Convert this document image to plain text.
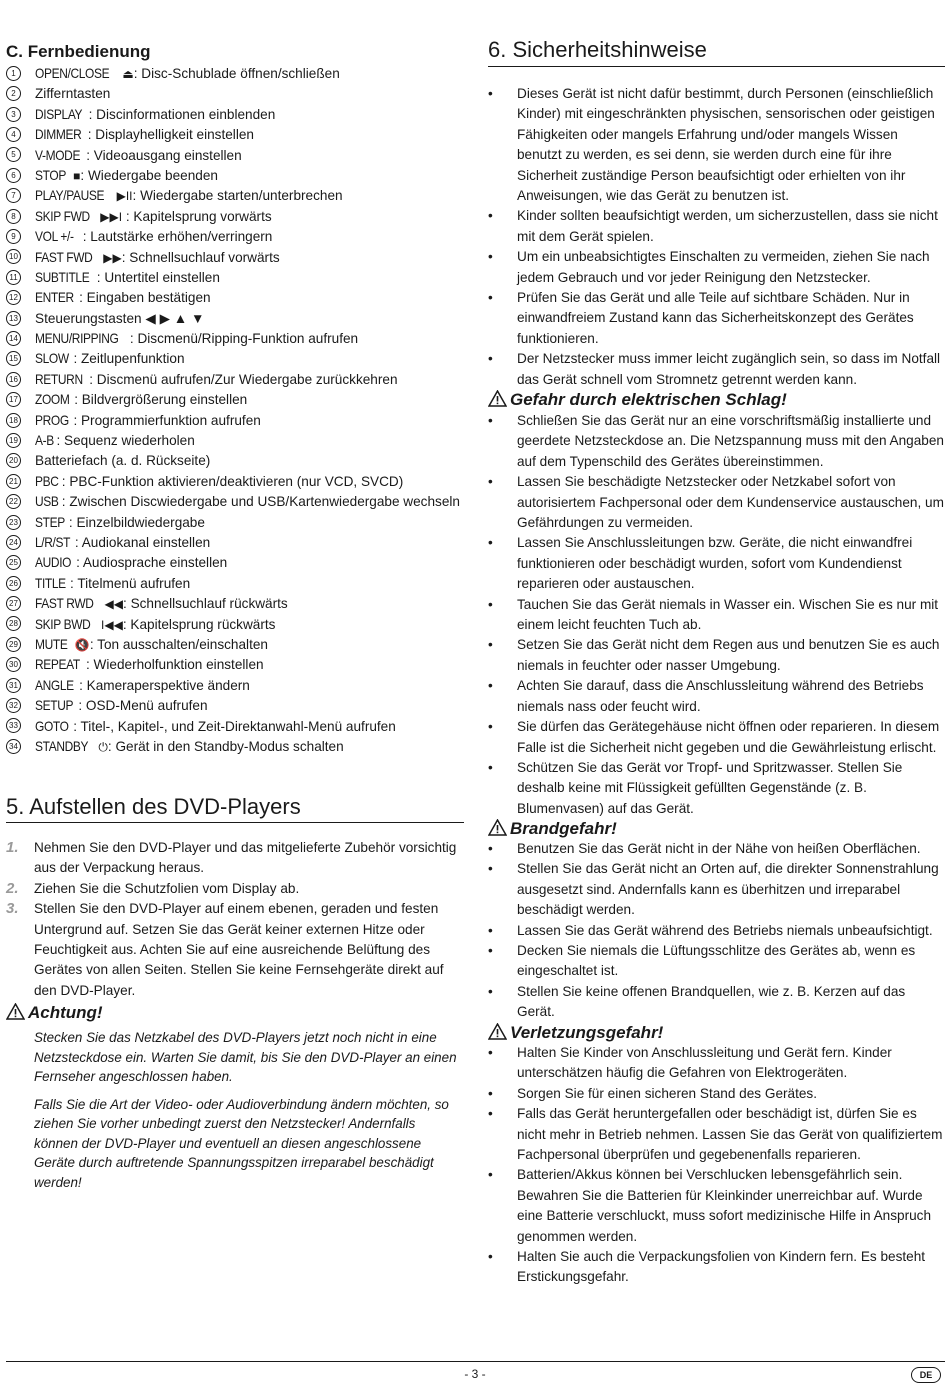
C. Fernbedienung
1 OPEN/CLOSE ⏏: Disc-Schublade öffnen/schließen
2 Zifferntasten
3 DISPLAY : Discinformationen einblenden
4 DIMMER : Displayhelligkeit einstellen
5 V-MODE : Videoausgang einstellen
6 STOP ■: Wiedergabe beenden
7 PLAY/PAUSE ▶II: Wiedergabe starten/unterbrechen
8 SKIP FWD ▶▶I : Kapitelsprung vorwärts
9 VOL +/- : Lautstärke erhöhen/verringern
10 FAST FWD ▶▶: Schnellsuchlauf vorwärts
11 SUBTITLE : Untertitel einstellen
12 ENTER : Eingaben bestätigen
13 Steuerungstasten ◀ ▶ ▲ ▼
14 MENU/RIPPING : Discmenü/Ripping-Funktion aufrufen
15 SLOW : Zeitlupenfunktion
16 RETURN : Discmenü aufrufen/Zur Wiedergabe zurückkehren
17 ZOOM : Bildvergrößerung einstellen
18 PROG : Programmierfunktion aufrufen
19 A-B : Sequenz wiederholen
20 Batteriefach (a. d. Rückseite)
21 PBC : PBC-Funktion aktivieren/deaktivieren (nur VCD, SVCD)
22 USB : Zwischen Discwiedergabe und USB/Kartenwiedergabe wechseln
23 STEP : Einzelbildwiedergabe
24 L/R/ST : Audiokanal einstellen
25 AUDIO : Audiosprache einstellen
26 TITLE : Titelmenü aufrufen
27 FAST RWD ◀◀: Schnellsuchlauf rückwärts
28 SKIP BWD I◀◀: Kapitelsprung rückwärts
29 MUTE 🔇: Ton ausschalten/einschalten
30 REPEAT : Wiederholfunktion einstellen
31 ANGLE : Kameraperspektive ändern
32 SETUP : OSD-Menü aufrufen
33 GOTO : Titel-, Kapitel-, und Zeit-Direktanwahl-Menü aufrufen
34 STANDBY ⏻: Gerät in den Standby-Modus schalten
5. Aufstellen des DVD-Players
1. Nehmen Sie den DVD-Player und das mitgelieferte Zubehör vorsichtig aus der Verpackung heraus.
2. Ziehen Sie die Schutzfolien vom Display ab.
3. Stellen Sie den DVD-Player auf einem ebenen, geraden und festen Untergrund auf. Setzen Sie das Gerät keiner externen Hitze oder Feuchtigkeit aus. Achten Sie auf eine ausreichende Belüftung des Gerätes von allen Seiten. Stellen Sie keine Fernsehgeräte direkt auf den DVD-Player.
Achtung!

Stecken Sie das Netzkabel des DVD-Players jetzt noch nicht in eine Netzsteckdose ein. Warten Sie damit, bis Sie den DVD-Player an einen Fernseher angeschlossen haben.

Falls Sie die Art der Video- oder Audioverbindung ändern möchten, so ziehen Sie vorher unbedingt zuerst den Netzstecker! Andernfalls können der DVD-Player und eventuell an diesen angeschlossene Geräte durch auftretende Spannungsspitzen irreparabel beschädigt werden!

6. Sicherheitshinweise
• Dieses Gerät ist nicht dafür bestimmt, durch Personen (einschließlich Kinder) mit eingeschränkten physischen, sensorischen oder geistigen Fähigkeiten oder mangels Erfahrung und/oder mangels Wissen benutzt zu werden, es sei denn, sie werden durch eine für ihre Sicherheit zuständige Person beaufsichtigt oder erhielten von ihr Anweisungen, wie das Gerät zu benutzen ist.
• Kinder sollten beaufsichtigt werden, um sicherzustellen, dass sie nicht mit dem Gerät spielen.
• Um ein unbeabsichtigtes Einschalten zu vermeiden, ziehen Sie nach jedem Gebrauch und vor jeder Reinigung den Netzstecker.
• Prüfen Sie das Gerät und alle Teile auf sichtbare Schäden. Nur in einwandfreiem Zustand kann das Sicherheitskonzept des Gerätes funktionieren.
• Der Netzstecker muss immer leicht zugänglich sein, so dass im Notfall das Gerät schnell vom Stromnetz getrennt werden kann.
Gefahr durch elektrischen Schlag!
• Schließen Sie das Gerät nur an eine vorschriftsmäßig installierte und geerdete Netzsteckdose an. Die Netzspannung muss mit den Angaben auf dem Typenschild des Gerätes übereinstimmen.
• Lassen Sie beschädigte Netzstecker oder Netzkabel sofort von autorisiertem Fachpersonal oder dem Kundenservice austauschen, um Gefährdungen zu vermeiden.
• Lassen Sie Anschlussleitungen bzw. Geräte, die nicht einwandfrei funktionieren oder beschädigt wurden, sofort vom Kundendienst reparieren oder austauschen.
• Tauchen Sie das Gerät niemals in Wasser ein. Wischen Sie es nur mit einem leicht feuchten Tuch ab.
• Setzen Sie das Gerät nicht dem Regen aus und benutzen Sie es auch niemals in feuchter oder nasser Umgebung.
• Achten Sie darauf, dass die Anschlussleitung während des Betriebs niemals nass oder feucht wird.
• Sie dürfen das Gerätegehäuse nicht öffnen oder reparieren. In diesem Falle ist die Sicherheit nicht gegeben und die Gewährleistung erlischt.
• Schützen Sie das Gerät vor Tropf- und Spritzwasser. Stellen Sie deshalb keine mit Flüssigkeit gefüllten Gegenstände (z. B. Blumenvasen) auf das Gerät.
Brandgefahr!
• Benutzen Sie das Gerät nicht in der Nähe von heißen Oberflächen.
• Stellen Sie das Gerät nicht an Orten auf, die direkter Sonnenstrahlung ausgesetzt sind. Andernfalls kann es überhitzen und irreparabel beschädigt werden.
• Lassen Sie das Gerät während des Betriebs niemals unbeaufsichtigt.
• Decken Sie niemals die Lüftungsschlitze des Gerätes ab, wenn es eingeschaltet ist.
• Stellen Sie keine offenen Brandquellen, wie z. B. Kerzen auf das Gerät.
Verletzungsgefahr!
• Halten Sie Kinder von Anschlussleitung und Gerät fern. Kinder unterschätzen häufig die Gefahren von Elektrogeräten.
• Sorgen Sie für einen sicheren Stand des Gerätes.
• Falls das Gerät heruntergefallen oder beschädigt ist, dürfen Sie es nicht mehr in Betrieb nehmen. Lassen Sie das Gerät von qualifiziertem Fachpersonal überprüfen und gegebenenfalls reparieren.
• Batterien/Akkus können bei Verschlucken lebensgefährlich sein. Bewahren Sie die Batterien für Kleinkinder unerreichbar auf. Wurde eine Batterie verschluckt, muss sofort medizinische Hilfe in Anspruch genommen werden.
• Halten Sie auch die Verpackungsfolien von Kindern fern. Es besteht Erstickungsgefahr.
- 3 -	DE
